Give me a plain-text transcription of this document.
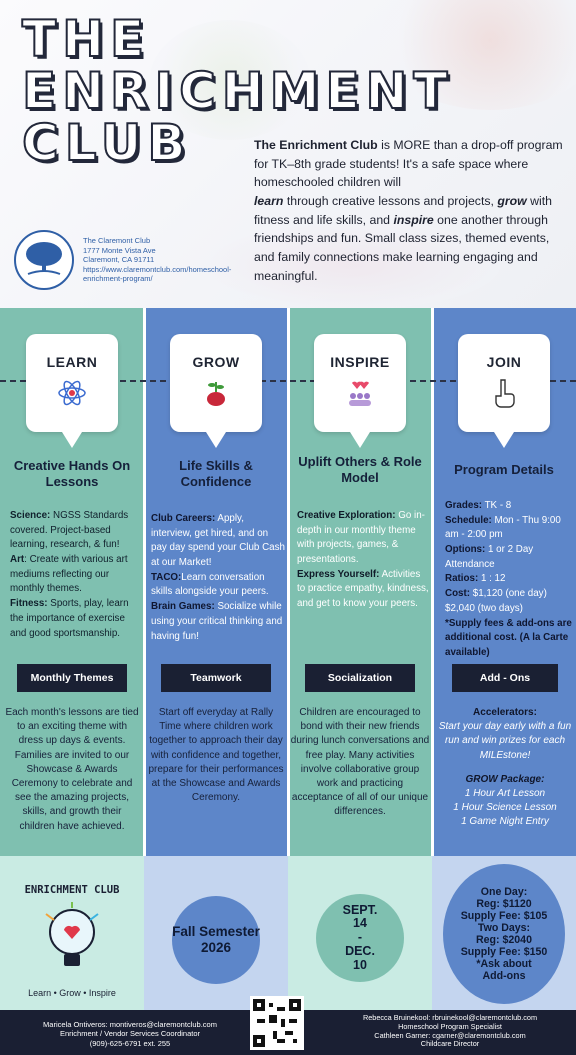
THE
ENRICHMENT
CLUB	The Enrichment Club is MORE than a drop-off program for TK–8th grade students! It's a safe space where homeschooled children will
learn through creative lessons and projects, grow with fitness and life skills, and inspire one another through friendships and fun. Small class sizes, themed events, and family connections make learning engaging and meaningful.
The Claremont Club
1777 Monte Vista Ave
Claremont, CA 91711
https://www.claremontclub.com/homeschool-enrichment-program/
LEARN	GROW	INSPIRE	JOIN
Creative Hands On Lessons
Life Skills & Confidence
Uplift Others & Role Model
Program Details
Science: NGSS Standards covered. Project-based learning, research, & fun!
Art: Create with various art mediums reflecting our monthly themes.
Fitness: Sports, play, learn the importance of exercise and good sportsmanship.
Club Careers: Apply, interview, get hired, and on pay day spend your Club Cash at our Market!
TACO:Learn conversation skills alongside your peers.
Brain Games: Socialize while using your critical thinking and having fun!
Creative Exploration: Go in-depth in our monthly theme with projects, games, & presentations.
Express Yourself: Activities to practice empathy, kindness, and get to know your peers.
Grades: TK - 8
Schedule: Mon - Thu 9:00 am - 2:00 pm
Options: 1 or 2 Day Attendance
Ratios: 1 : 12
Cost: $1,120 (one day) $2,040 (two days)
*Supply fees & add-ons are additional cost. (A la Carte available)
Monthly Themes	Teamwork	Socialization	Add - Ons
Each month's lessons are tied to an exciting theme with dress up days & events. Families are invited to our Showcase & Awards Ceremony to celebrate and see the amazing projects, skills, and growth their children have achieved.
Start off everyday at Rally Time where children work together to approach their day with confidence and together, prepare for their performances at the Showcase and Awards Ceremony.
Children are encouraged to bond with their new friends during lunch conversations and free play. Many activities involve collaborative group work and practicing acceptance of all of our unique differences.
Accelerators:
Start your day early with a fun run and win prizes for each MILEstone!
GROW Package:
1 Hour Art Lesson
1 Hour Science Lesson
1 Game Night Entry
ENRICHMENT CLUB
Learn • Grow • Inspire
Fall Semester 2026
SEPT.
14
-
DEC.
10
One Day:
Reg: $1120
Supply Fee: $105
Two Days:
Reg: $2040
Supply Fee: $150
*Ask about
Add-ons
Maricela Ontiveros: montiveros@claremontclub.com
Enrichment / Vendor Services Coordinator
(909)-625-6791 ext. 255
Rebecca Bruinekool: rbruinekool@claremontclub.com
Homeschool Program Specialist
Cathleen Garner: cgarner@claremontclub.com
Childcare Director
